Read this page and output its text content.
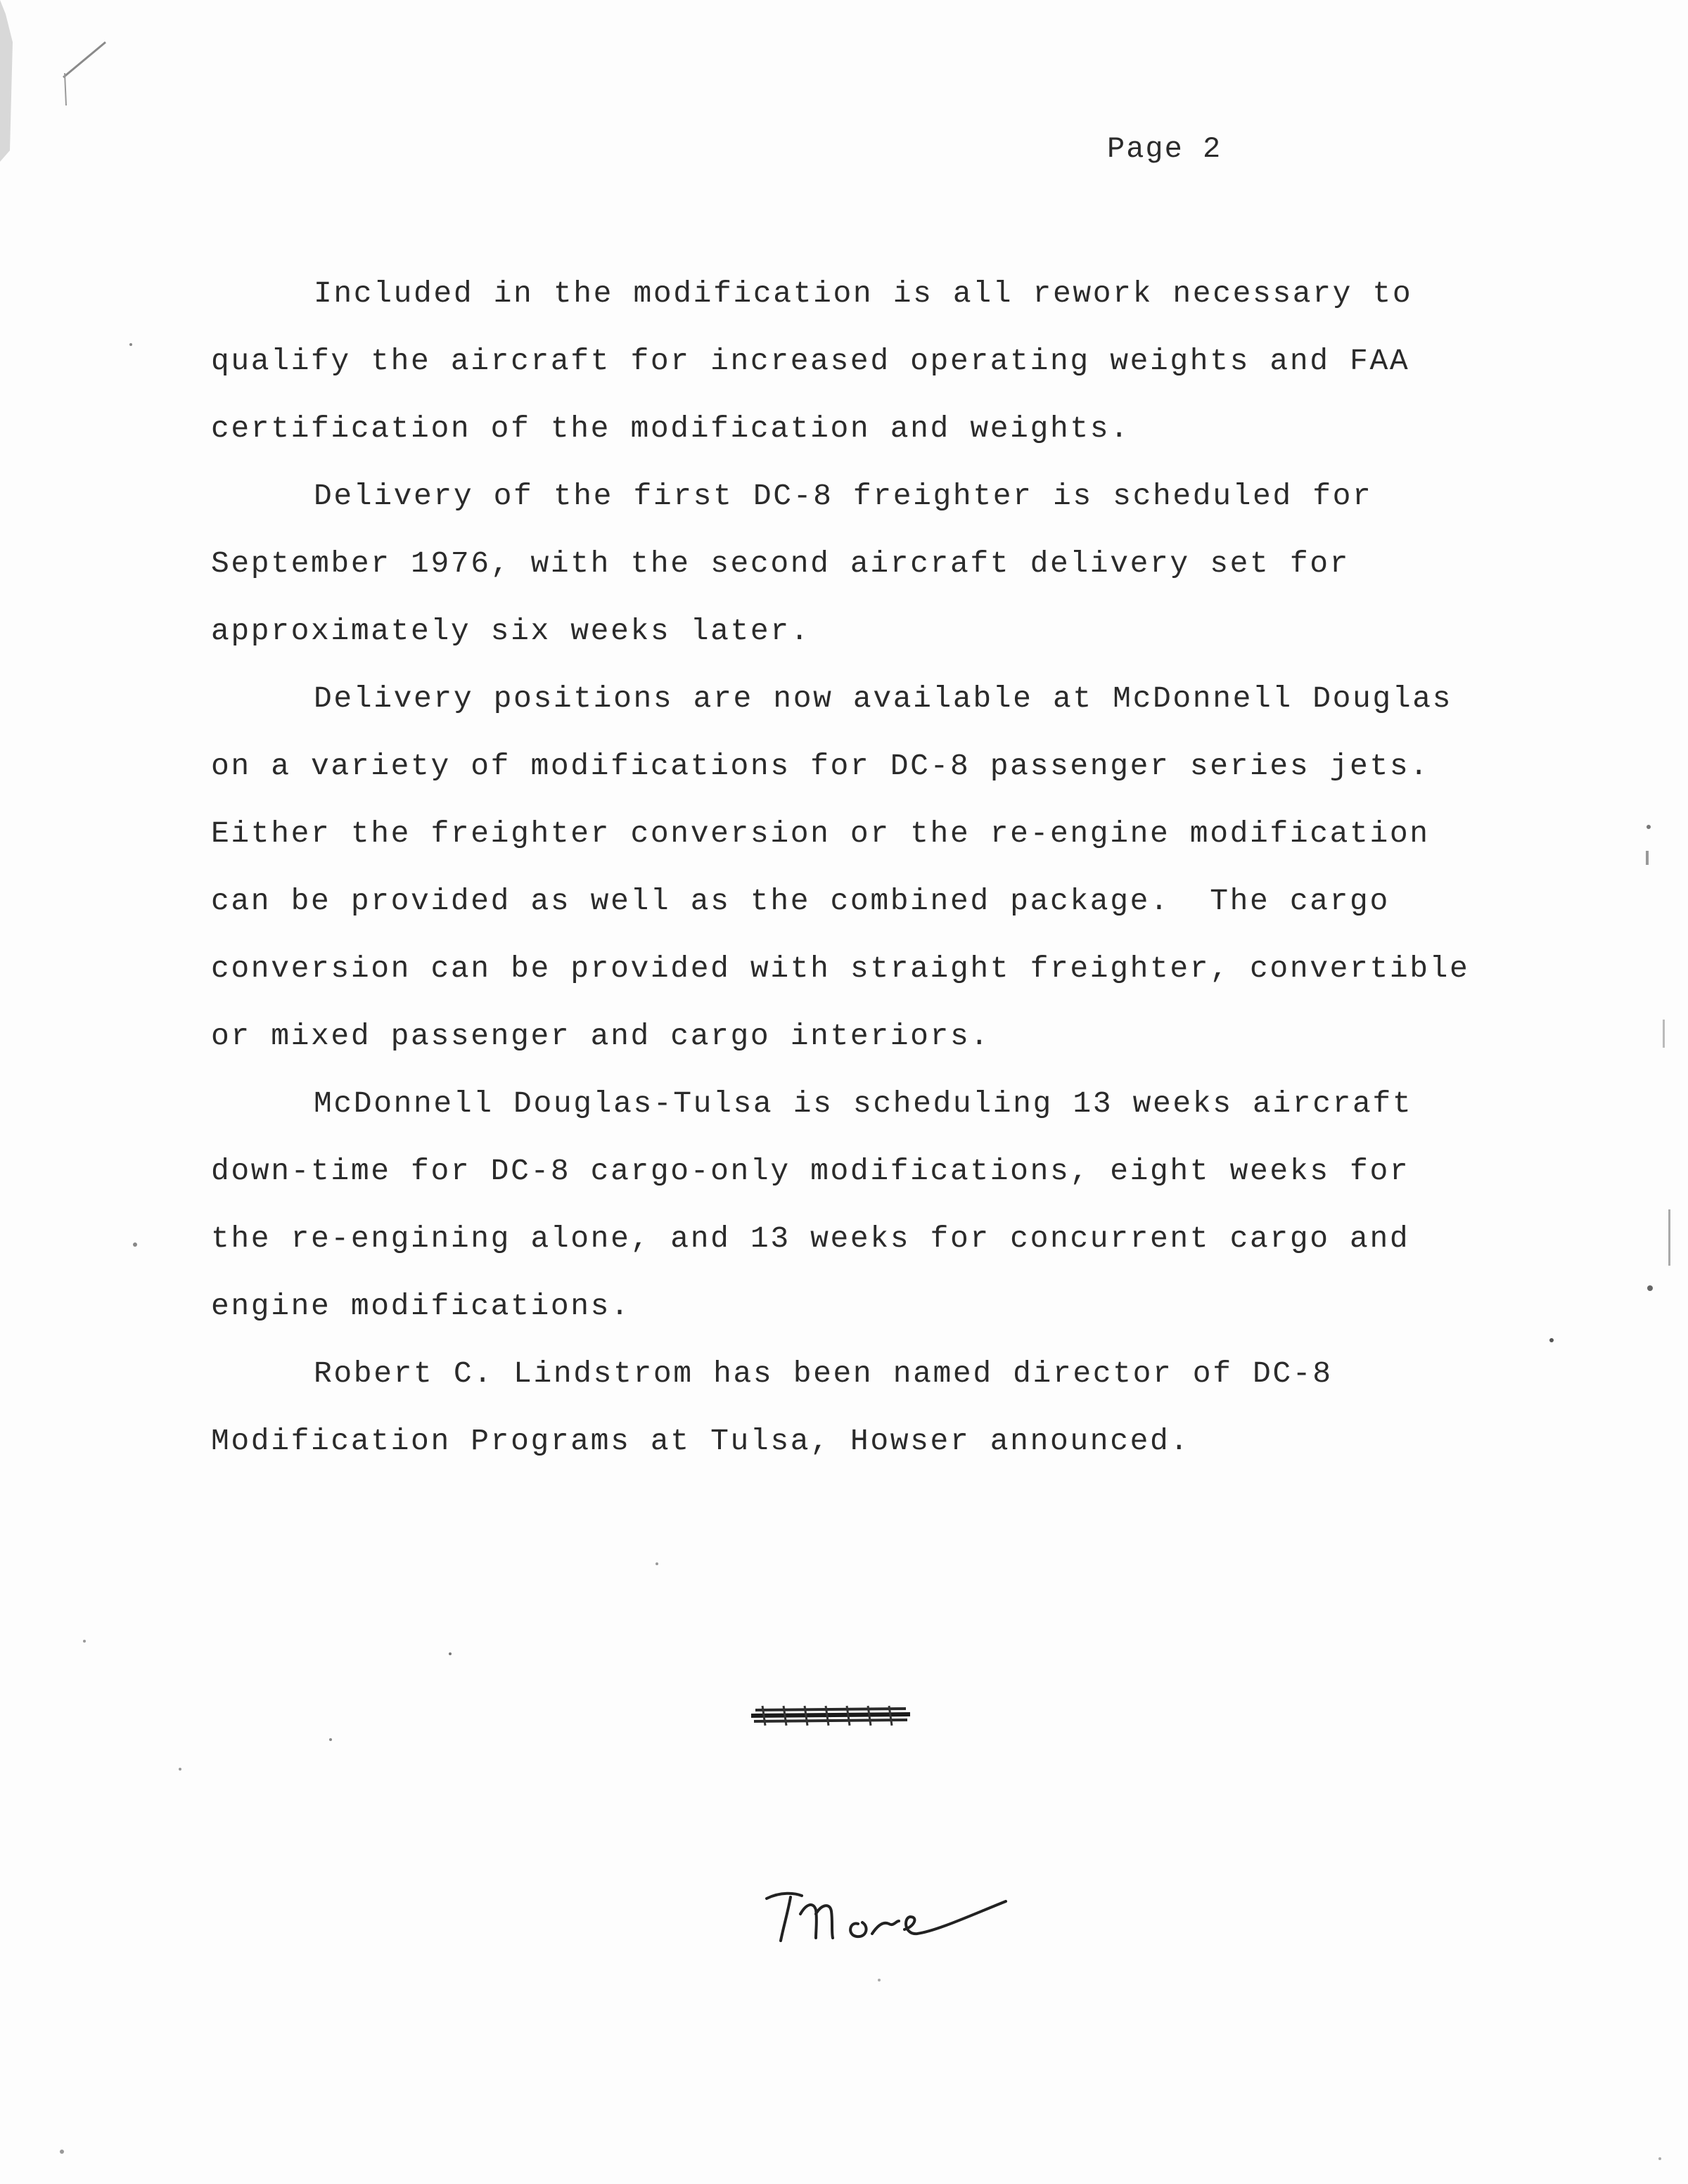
Page 2
Included in the modification is all rework necessary to
qualify the aircraft for increased operating weights and FAA
certification of the modification and weights.
Delivery of the first DC-8 freighter is scheduled for
September 1976, with the second aircraft delivery set for
approximately six weeks later.
Delivery positions are now available at McDonnell Douglas
on a variety of modifications for DC-8 passenger series jets.
Either the freighter conversion or the re-engine modification
can be provided as well as the combined package.  The cargo
conversion can be provided with straight freighter, convertible
or mixed passenger and cargo interiors.
McDonnell Douglas-Tulsa is scheduling 13 weeks aircraft
down-time for DC-8 cargo-only modifications, eight weeks for
the re-engining alone, and 13 weeks for concurrent cargo and
engine modifications.
Robert C. Lindstrom has been named director of DC-8
Modification Programs at Tulsa, Howser announced.
